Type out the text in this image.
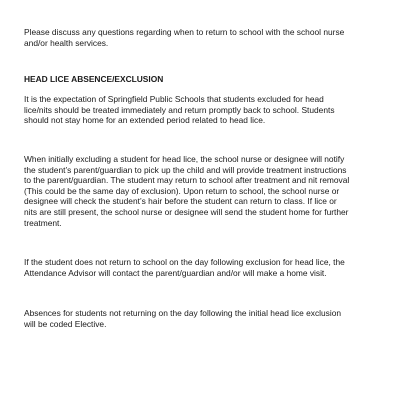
Please discuss any questions regarding when to return to school with the school nurse
and/or health services.

HEAD LICE ABSENCE/EXCLUSION

It is the expectation of Springfield Public Schools that students excluded for head
lice/nits should be treated immediately and return promptly back to school. Students
should not stay home for an extended period related to head lice.

When initially excluding a student for head lice, the school nurse or designee will notify
the student’s parent/guardian to pick up the child and will provide treatment instructions
to the parent/guardian. The student may return to school after treatment and nit removal
(This could be the same day of exclusion). Upon return to school, the school nurse or
designee will check the student’s hair before the student can return to class. If lice or
nits are still present, the school nurse or designee will send the student home for further
treatment.

If the student does not return to school on the day following exclusion for head lice, the
Attendance Advisor will contact the parent/guardian and/or will make a home visit.

Absences for students not returning on the day following the initial head lice exclusion
will be coded Elective.
